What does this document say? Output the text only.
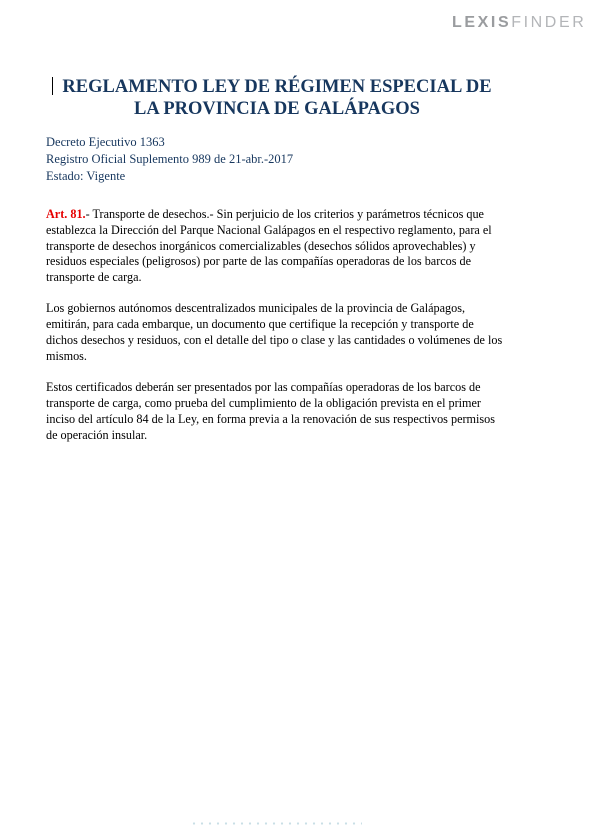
LEXISFINDER
REGLAMENTO LEY DE RÉGIMEN ESPECIAL DE
LA PROVINCIA DE GALÁPAGOS
Decreto Ejecutivo 1363
Registro Oficial Suplemento 989 de 21-abr.-2017
Estado: Vigente

Art. 81.- Transporte de desechos.- Sin perjuicio de los criterios y parámetros técnicos que establezca la Dirección del Parque Nacional Galápagos en el respectivo reglamento, para el transporte de desechos inorgánicos comercializables (desechos sólidos aprovechables) y residuos especiales (peligrosos) por parte de las compañías operadoras de los barcos de transporte de carga.

Los gobiernos autónomos descentralizados municipales de la provincia de Galápagos, emitirán, para cada embarque, un documento que certifique la recepción y transporte de dichos desechos y residuos, con el detalle del tipo o clase y las cantidades o volúmenes de los mismos.

Estos certificados deberán ser presentados por las compañías operadoras de los barcos de transporte de carga, como prueba del cumplimiento de la obligación prevista en el primer inciso del artículo 84 de la Ley, en forma previa a la renovación de sus respectivos permisos de operación insular.
